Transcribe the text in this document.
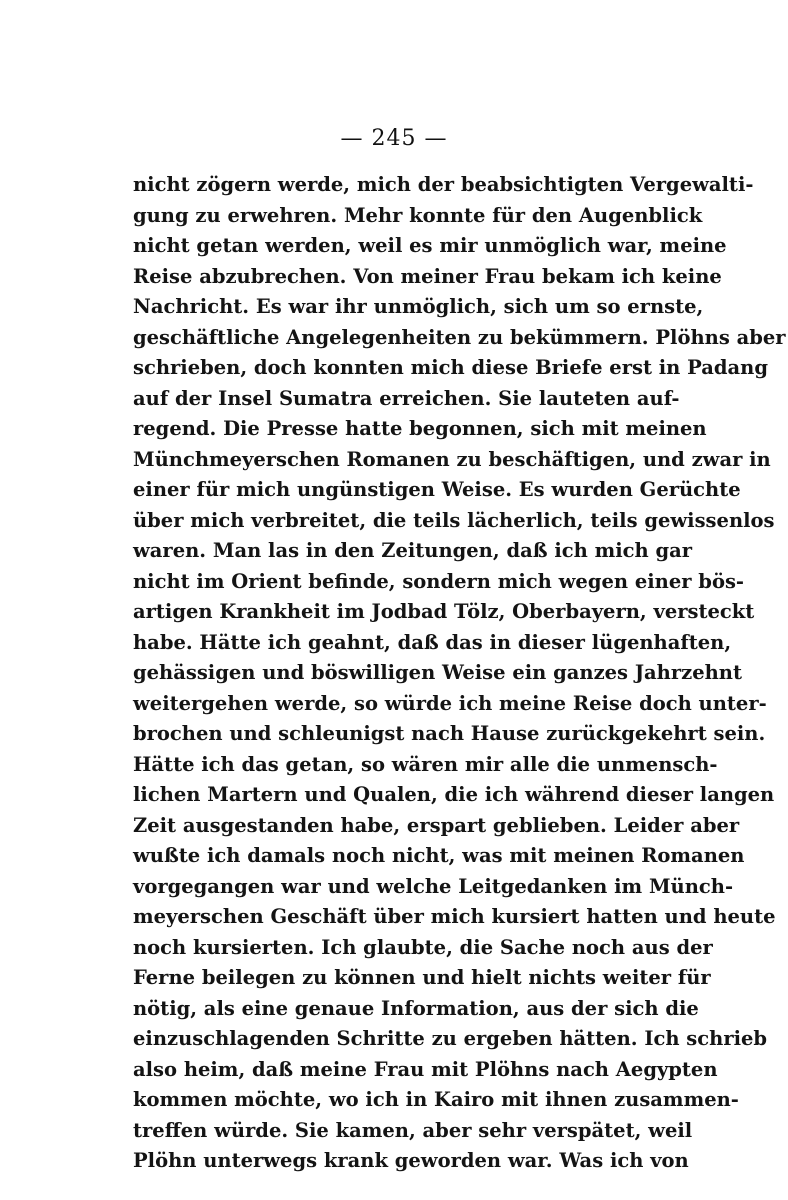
— 245 —

nicht zögern werde, mich der beabsichtigten Vergewalti-
gung zu erwehren. Mehr konnte für den Augenblick
nicht getan werden, weil es mir unmöglich war, meine
Reise abzubrechen. Von meiner Frau bekam ich keine
Nachricht. Es war ihr unmöglich, sich um so ernste,
geschäftliche Angelegenheiten zu bekümmern. Plöhns aber
schrieben, doch konnten mich diese Briefe erst in Padang
auf der Insel Sumatra erreichen. Sie lauteten auf-
regend. Die Presse hatte begonnen, sich mit meinen
Münchmeyerschen Romanen zu beschäftigen, und zwar in
einer für mich ungünstigen Weise. Es wurden Gerüchte
über mich verbreitet, die teils lächerlich, teils gewissenlos
waren. Man las in den Zeitungen, daß ich mich gar
nicht im Orient befinde, sondern mich wegen einer bös-
artigen Krankheit im Jodbad Tölz, Oberbayern, versteckt
habe. Hätte ich geahnt, daß das in dieser lügenhaften,
gehässigen und böswilligen Weise ein ganzes Jahrzehnt
weitergehen werde, so würde ich meine Reise doch unter-
brochen und schleunigst nach Hause zurückgekehrt sein.
Hätte ich das getan, so wären mir alle die unmensch-
lichen Martern und Qualen, die ich während dieser langen
Zeit ausgestanden habe, erspart geblieben. Leider aber
wußte ich damals noch nicht, was mit meinen Romanen
vorgegangen war und welche Leitgedanken im Münch-
meyerschen Geschäft über mich kursiert hatten und heute
noch kursierten. Ich glaubte, die Sache noch aus der
Ferne beilegen zu können und hielt nichts weiter für
nötig, als eine genaue Information, aus der sich die
einzuschlagenden Schritte zu ergeben hätten. Ich schrieb
also heim, daß meine Frau mit Plöhns nach Aegypten
kommen möchte, wo ich in Kairo mit ihnen zusammen-
treffen würde. Sie kamen, aber sehr verspätet, weil
Plöhn unterwegs krank geworden war. Was ich von
